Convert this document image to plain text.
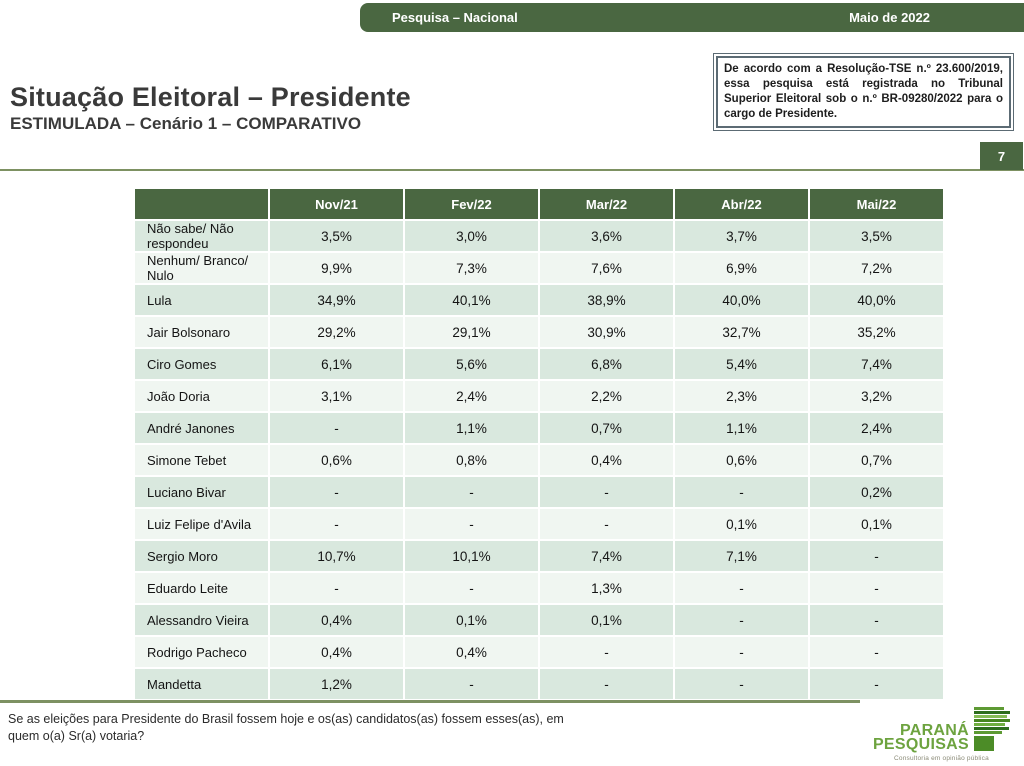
Pesquisa – Nacional	Maio de 2022
Situação Eleitoral – Presidente
ESTIMULADA – Cenário 1 – COMPARATIVO
De acordo com a Resolução-TSE n.º 23.600/2019, essa pesquisa está registrada no Tribunal Superior Eleitoral sob o n.º BR-09280/2022 para o cargo de Presidente.
7
	Nov/21	Fev/22	Mar/22	Abr/22	Mai/22
Não sabe/ Não respondeu	3,5%	3,0%	3,6%	3,7%	3,5%
Nenhum/ Branco/ Nulo	9,9%	7,3%	7,6%	6,9%	7,2%
Lula	34,9%	40,1%	38,9%	40,0%	40,0%
Jair Bolsonaro	29,2%	29,1%	30,9%	32,7%	35,2%
Ciro Gomes	6,1%	5,6%	6,8%	5,4%	7,4%
João Doria	3,1%	2,4%	2,2%	2,3%	3,2%
André Janones	-	1,1%	0,7%	1,1%	2,4%
Simone Tebet	0,6%	0,8%	0,4%	0,6%	0,7%
Luciano Bivar	-	-	-	-	0,2%
Luiz Felipe d'Avila	-	-	-	0,1%	0,1%
Sergio Moro	10,7%	10,1%	7,4%	7,1%	-
Eduardo Leite	-	-	1,3%	-	-
Alessandro Vieira	0,4%	0,1%	0,1%	-	-
Rodrigo Pacheco	0,4%	0,4%	-	-	-
Mandetta	1,2%	-	-	-	-
Se as eleições para Presidente do Brasil fossem hoje e os(as) candidatos(as) fossem esses(as), em quem o(a) Sr(a) votaria?	PARANÁ
PESQUISAS
Consultoria em opinião pública
